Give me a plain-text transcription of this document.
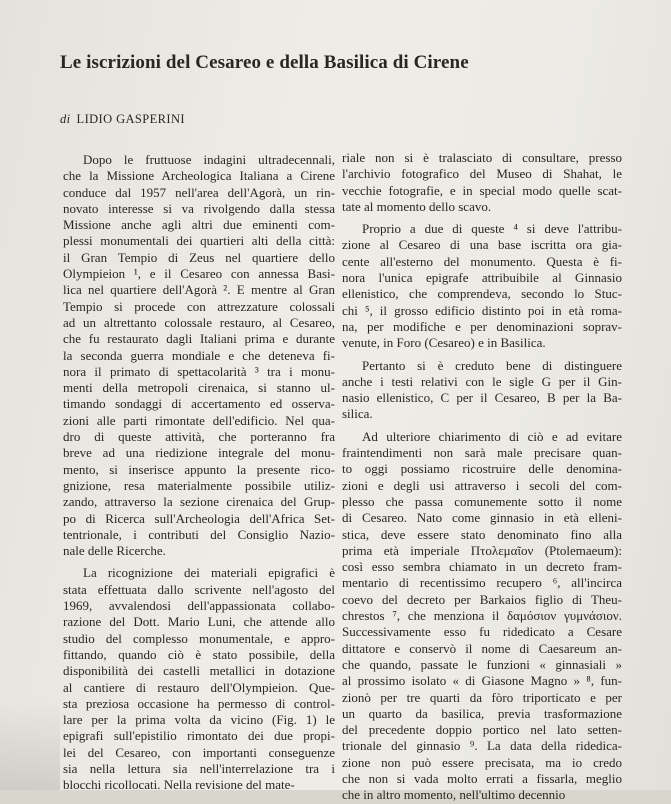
Le iscrizioni del Cesareo e della Basilica di Cirene
di LIDIO GASPERINI

Dopo le fruttuose indagini ultradecennali,

che la Missione Archeologica Italiana a Cirene

conduce dal 1957 nell'area dell'Agorà, un rin-

novato interesse si va rivolgendo dalla stessa

Missione anche agli altri due eminenti com-

plessi monumentali dei quartieri alti della città:

il Gran Tempio di Zeus nel quartiere dello

Olympieion ¹, e il Cesareo con annessa Basi-

lica nel quartiere dell'Agorà ². E mentre al Gran

Tempio si procede con attrezzature colossali

ad un altrettanto colossale restauro, al Cesareo,

che fu restaurato dagli Italiani prima e durante

la seconda guerra mondiale e che deteneva fi-

nora il primato di spettacolarità ³ tra i monu-

menti della metropoli cirenaica, si stanno ul-

timando sondaggi di accertamento ed osserva-

zioni alle parti rimontate dell'edificio. Nel qua-

dro di queste attività, che porteranno fra

breve ad una riedizione integrale del monu-

mento, si inserisce appunto la presente rico-

gnizione, resa materialmente possibile utiliz-

zando, attraverso la sezione cirenaica del Grup-

po di Ricerca sull'Archeologia dell'Africa Set-

tentrionale, i contributi del Consiglio Nazio-

nale delle Ricerche.

La ricognizione dei materiali epigrafici è

stata effettuata dallo scrivente nell'agosto del

1969, avvalendosi dell'appassionata collabo-

razione del Dott. Mario Luni, che attende allo

studio del complesso monumentale, e appro-

fittando, quando ciò è stato possibile, della

disponibilità dei castelli metallici in dotazione

al cantiere di restauro dell'Olympieion. Que-

sta preziosa occasione ha permesso di control-

lare per la prima volta da vicino (Fig. 1) le

epigrafi sull'epistilio rimontato dei due propi-

lei del Cesareo, con importanti conseguenze

sia nella lettura sia nell'interrelazione tra i

blocchi ricollocati. Nella revisione del mate-

riale non si è tralasciato di consultare, presso

l'archivio fotografico del Museo di Shahat, le

vecchie fotografie, e in special modo quelle scat-

tate al momento dello scavo.

Proprio a due di queste ⁴ si deve l'attribu-

zione al Cesareo di una base iscritta ora gia-

cente all'esterno del monumento. Questa è fi-

nora l'unica epigrafe attribuibile al Ginnasio

ellenistico, che comprendeva, secondo lo Stuc-

chi ⁵, il grosso edificio distinto poi in età roma-

na, per modifiche e per denominazioni soprav-

venute, in Foro (Cesareo) e in Basilica.

Pertanto si è creduto bene di distinguere

anche i testi relativi con le sigle G per il Gin-

nasio ellenistico, C per il Cesareo, B per la Ba-

silica.

Ad ulteriore chiarimento di ciò e ad evitare

fraintendimenti non sarà male precisare quan-

to oggi possiamo ricostruire delle denomina-

zioni e degli usi attraverso i secoli del com-

plesso che passa comunemente sotto il nome

di Cesareo. Nato come ginnasio in età elleni-

stica, deve essere stato denominato fino alla

prima età imperiale Πτολεμαῖον (Ptolemaeum):

così esso sembra chiamato in un decreto fram-

mentario di recentissimo recupero ⁶, all'incirca

coevo del decreto per Barkaios figlio di Theu-

chrestos ⁷, che menziona il δαμόσιον γυμνάσιον.

Successivamente esso fu ridedicato a Cesare

dittatore e conservò il nome di Caesareum an-

che quando, passate le funzioni « ginnasiali »

al prossimo isolato « di Giasone Magno » ⁸, fun-

zionò per tre quarti da fòro triporticato e per

un quarto da basilica, previa trasformazione

del precedente doppio portico nel lato setten-

trionale del ginnasio ⁹. La data della ridedica-

zione non può essere precisata, ma io credo

che non si vada molto errati a fissarla, meglio

che in altro momento, nell'ultimo decennio
